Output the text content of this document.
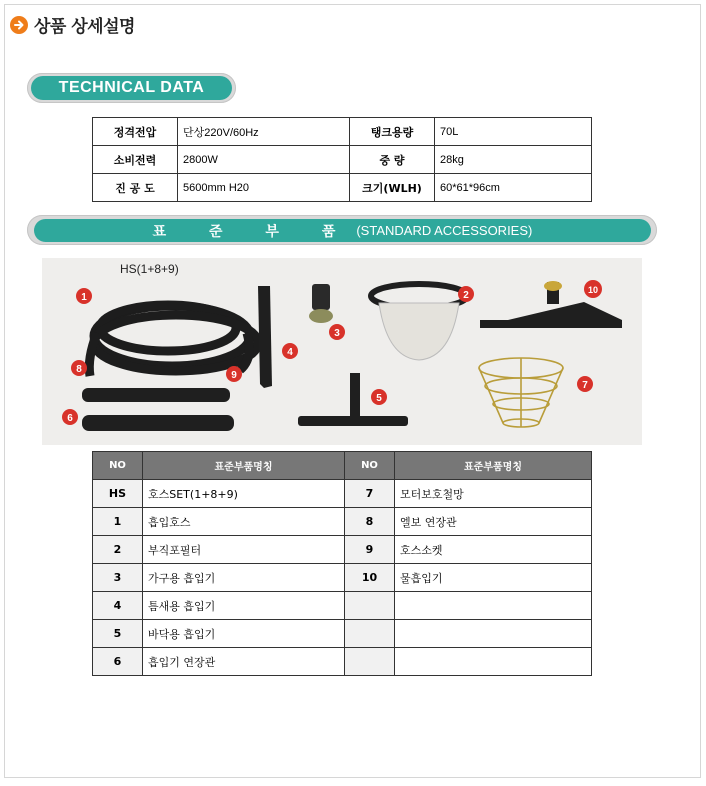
상품 상세설명
TECHNICAL DATA
정격전압	단상220V/60Hz	탱크용량	70L
소비전력	2800W	중 량	28kg
진 공 도	5600mm H20	크기(WLH)	60*61*96cm
표 준 부 품 (STANDARD ACCESSORIES)
HS(1+8+9)
1	2
3
4
5
6
7
8
9
10
NO	표준부품명칭	NO	표준부품명칭
HS	호스SET(1+8+9)	7	모터보호철망
1	흡입호스	8	엘보 연장관
2	부직포필터	9	호스소켓
3	가구용 흡입기	10	물흡입기
4	틈새용 흡입기		
5	바닥용 흡입기		
6	흡입기 연장관		
